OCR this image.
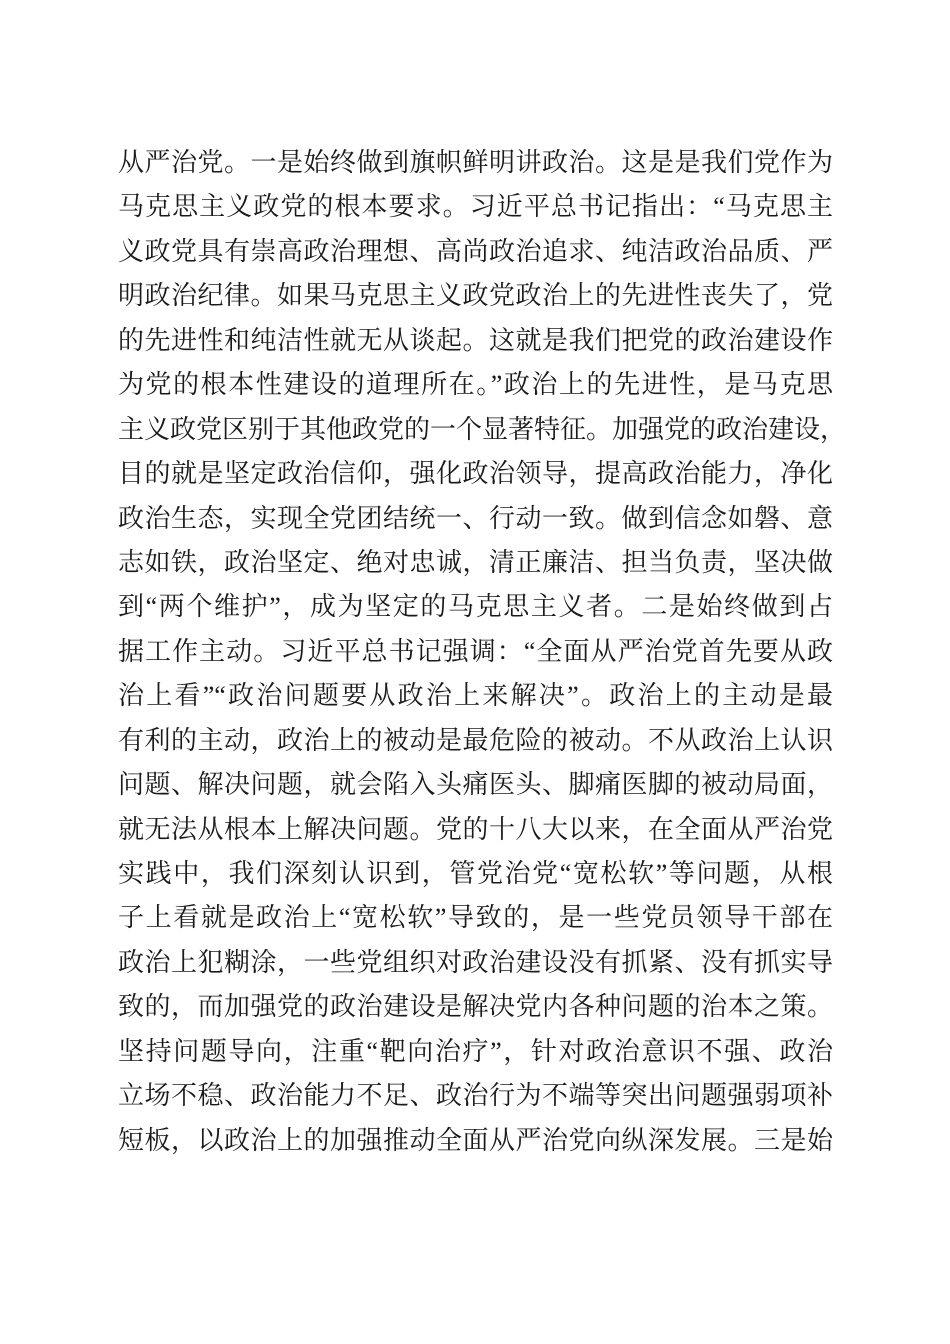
从严治党。一是始终做到旗帜鲜明讲政治。这是是我们党作为
马克思主义政党的根本要求。习近平总书记指出：“马克思主
义政党具有崇高政治理想、高尚政治追求、纯洁政治品质、严
明政治纪律。如果马克思主义政党政治上的先进性丧失了，党
的先进性和纯洁性就无从谈起。这就是我们把党的政治建设作
为党的根本性建设的道理所在。”政治上的先进性，是马克思
主义政党区别于其他政党的一个显著特征。加强党的政治建设，
目的就是坚定政治信仰，强化政治领导，提高政治能力，净化
政治生态，实现全党团结统一、行动一致。做到信念如磐、意
志如铁，政治坚定、绝对忠诚，清正廉洁、担当负责，坚决做
到“两个维护”，成为坚定的马克思主义者。二是始终做到占
据工作主动。习近平总书记强调：“全面从严治党首先要从政
治上看”“政治问题要从政治上来解决”。政治上的主动是最
有利的主动，政治上的被动是最危险的被动。不从政治上认识
问题、解决问题，就会陷入头痛医头、脚痛医脚的被动局面，
就无法从根本上解决问题。党的十八大以来，在全面从严治党
实践中，我们深刻认识到，管党治党“宽松软”等问题，从根
子上看就是政治上“宽松软”导致的，是一些党员领导干部在
政治上犯糊涂，一些党组织对政治建设没有抓紧、没有抓实导
致的，而加强党的政治建设是解决党内各种问题的治本之策。
坚持问题导向，注重“靶向治疗”，针对政治意识不强、政治
立场不稳、政治能力不足、政治行为不端等突出问题强弱项补
短板，以政治上的加强推动全面从严治党向纵深发展。三是始
